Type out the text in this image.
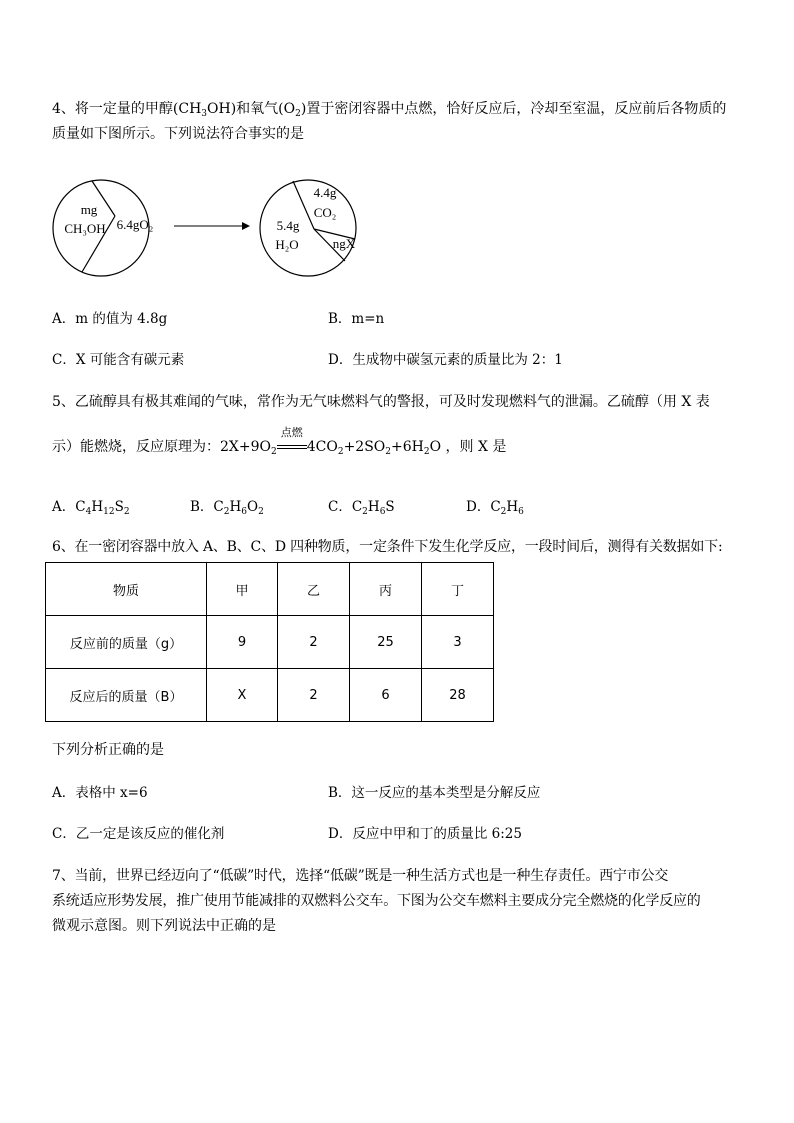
4、将一定量的甲醇$(CH_3OH)$和氧气$(O_2)$置于密闭容器中点燃，恰好反应后，冷却至室温，反应前后各物质的
质量如下图所示。下列说法符合事实的是
mg
CH₃OH 6.4gO₂
4.4g
CO₂
5.4g
H₂O	ngX
A．m 的值为 4.8g	B．m=n
C．X 可能含有碳元素	D．生成物中碳氢元素的质量比为 2：1
5、乙硫醇具有极其难闻的气味，常作为无气味燃料气的警报，可及时发现燃料气的泄漏。乙硫醇（用 X 表
示）能燃烧，反应原理为：$2X+9O_2$
点燃
$4CO_2+2SO_2+6H_2O$ ，则 X 是
A．$C_4H_{12}S_2$	B．$C_2H_6O_2$	C．$C_2H_6S$	D．$C_2H_6$
6、在一密闭容器中放入 A、B、C、D 四种物质，一定条件下发生化学反应，一段时间后，测得有关数据如下:
物质	甲	乙	丙	丁
反应前的质量（g）	9	2	25	3
反应后的质量（B）	X	2	6	28
下列分析正确的是
A．表格中 x=6	B．这一反应的基本类型是分解反应
C．乙一定是该反应的催化剂	D．反应中甲和丁的质量比 6:25
7、当前，世界已经迈向了“低碳”时代，选择“低碳”既是一种生活方式也是一种生存责任。西宁市公交
系统适应形势发展，推广使用节能减排的双燃料公交车。下图为公交车燃料主要成分完全燃烧的化学反应的
微观示意图。则下列说法中正确的是
